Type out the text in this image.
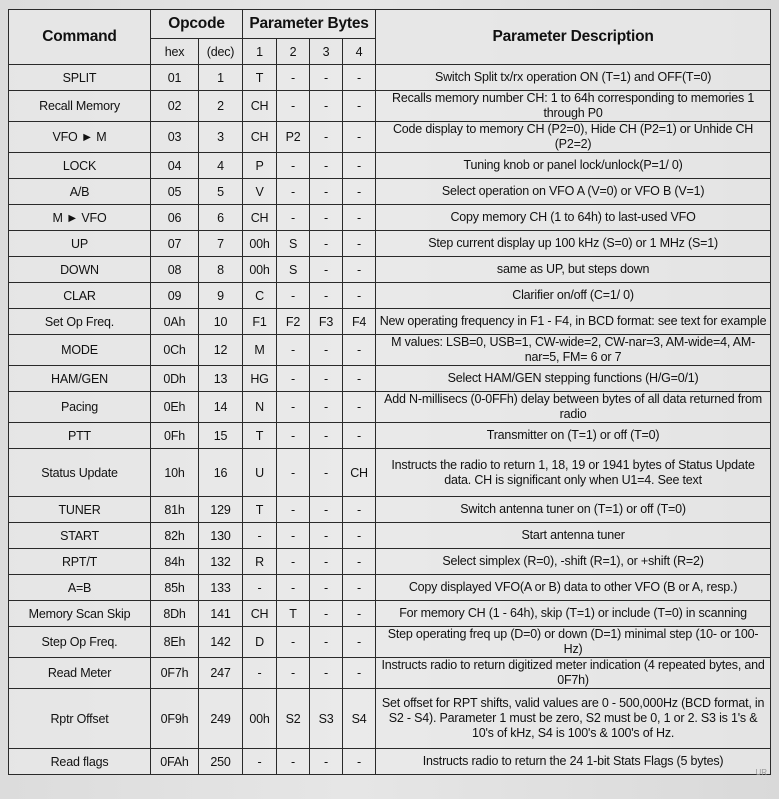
Command	Opcode		Parameter Bytes				Parameter Description
	hex	(dec)	1	2	3	4	
SPLIT	01	1	T	-	-	-	Switch Split tx/rx operation ON (T=1) and OFF(T=0)
Recall Memory	02	2	CH	-	-	-	Recalls memory number CH: 1 to 64h corresponding to memories 1 through P0
VFO ► M	03	3	CH	P2	-	-	Code display to memory CH (P2=0), Hide CH (P2=1) or Unhide CH (P2=2)
LOCK	04	4	P	-	-	-	Tuning knob or panel lock/unlock(P=1/ 0)
A/B	05	5	V	-	-	-	Select operation on VFO A (V=0) or VFO B (V=1)
M ► VFO	06	6	CH	-	-	-	Copy memory CH (1 to 64h) to last-used VFO
UP	07	7	00h	S	-	-	Step current display up 100 kHz (S=0) or 1 MHz (S=1)
DOWN	08	8	00h	S	-	-	same as UP, but steps down
CLAR	09	9	C	-	-	-	Clarifier on/off (C=1/ 0)
Set Op Freq.	0Ah	10	F1	F2	F3	F4	New operating frequency in F1 - F4, in BCD format: see text for example
MODE	0Ch	12	M	-	-	-	M values: LSB=0, USB=1, CW-wide=2, CW-nar=3, AM-wide=4, AM-nar=5, FM= 6 or 7
HAM/GEN	0Dh	13	HG	-	-	-	Select HAM/GEN stepping functions (H/G=0/1)
Pacing	0Eh	14	N	-	-	-	Add N-millisecs (0-0FFh) delay between bytes of all data returned from radio
PTT	0Fh	15	T	-	-	-	Transmitter on (T=1) or off (T=0)
Status Update	10h	16	U	-	-	CH	Instructs the radio to return 1, 18, 19 or 1941 bytes of Status Update data. CH is significant only when U1=4. See text
TUNER	81h	129	T	-	-	-	Switch antenna tuner on (T=1) or off (T=0)
START	82h	130	-	-	-	-	Start antenna tuner
RPT/T	84h	132	R	-	-	-	Select simplex (R=0), -shift (R=1), or +shift (R=2)
A=B	85h	133	-	-	-	-	Copy displayed VFO(A or B) data to other VFO (B or A, resp.)
Memory Scan Skip	8Dh	141	CH	T	-	-	For memory CH (1 - 64h), skip (T=1) or include (T=0) in scanning
Step Op Freq.	8Eh	142	D	-	-	-	Step operating freq up (D=0) or down (D=1) minimal step (10- or 100- Hz)
Read Meter	0F7h	247	-	-	-	-	Instructs radio to return digitized meter indication (4 repeated bytes, and 0F7h)
Rptr Offset	0F9h	249	00h	S2	S3	S4	Set offset for RPT shifts, valid values are 0 - 500,000Hz (BCD format, in S2 - S4). Parameter 1 must be zero, S2 must be 0, 1 or 2. S3 is 1's & 10's of kHz, S4 is 100's & 100's of Hz.
Read flags	0FAh	250	-	-	-	-	Instructs radio to return the 24 1-bit Stats Flags (5 bytes)
UR
